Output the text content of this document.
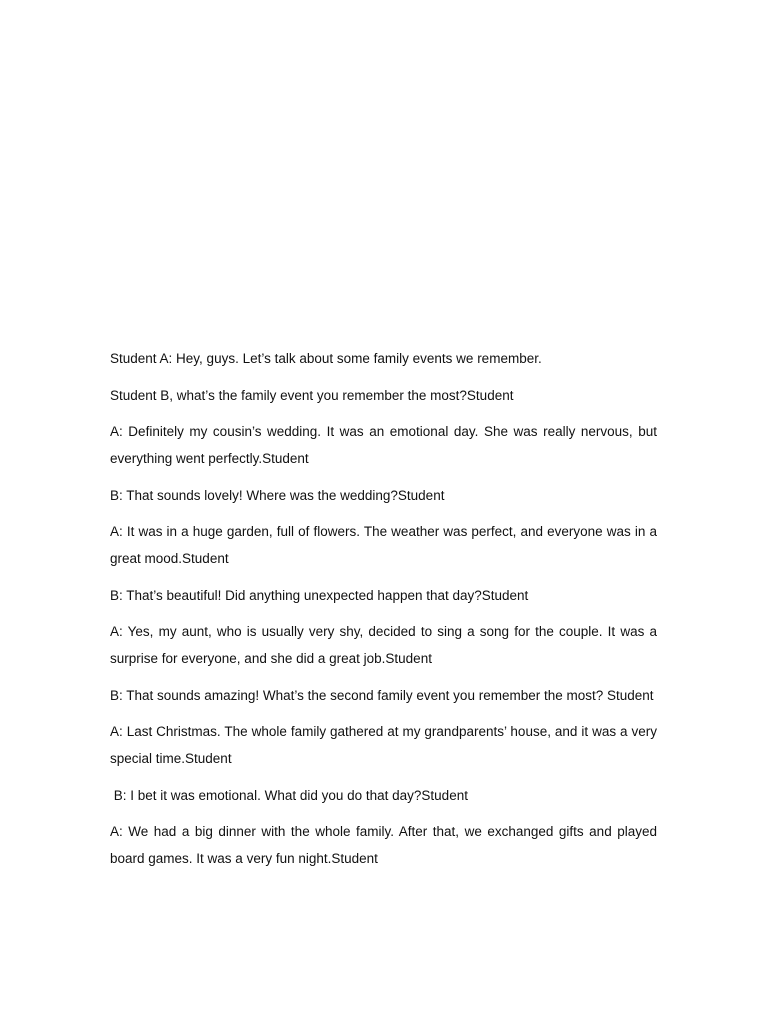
Student A: Hey, guys. Let’s talk about some family events we remember.

Student B, what’s the family event you remember the most?Student

A: Definitely my cousin’s wedding. It was an emotional day. She was really nervous, but everything went perfectly.Student

B: That sounds lovely! Where was the wedding?Student

A: It was in a huge garden, full of flowers. The weather was perfect, and everyone was in a great mood.Student

B: That’s beautiful! Did anything unexpected happen that day?Student

A: Yes, my aunt, who is usually very shy, decided to sing a song for the couple. It was a surprise for everyone, and she did a great job.Student

B: That sounds amazing! What’s the second family event you remember the most? Student

A: Last Christmas. The whole family gathered at my grandparents’ house, and it was a very special time.Student

B: I bet it was emotional. What did you do that day?Student

A: We had a big dinner with the whole family. After that, we exchanged gifts and played board games. It was a very fun night.Student
